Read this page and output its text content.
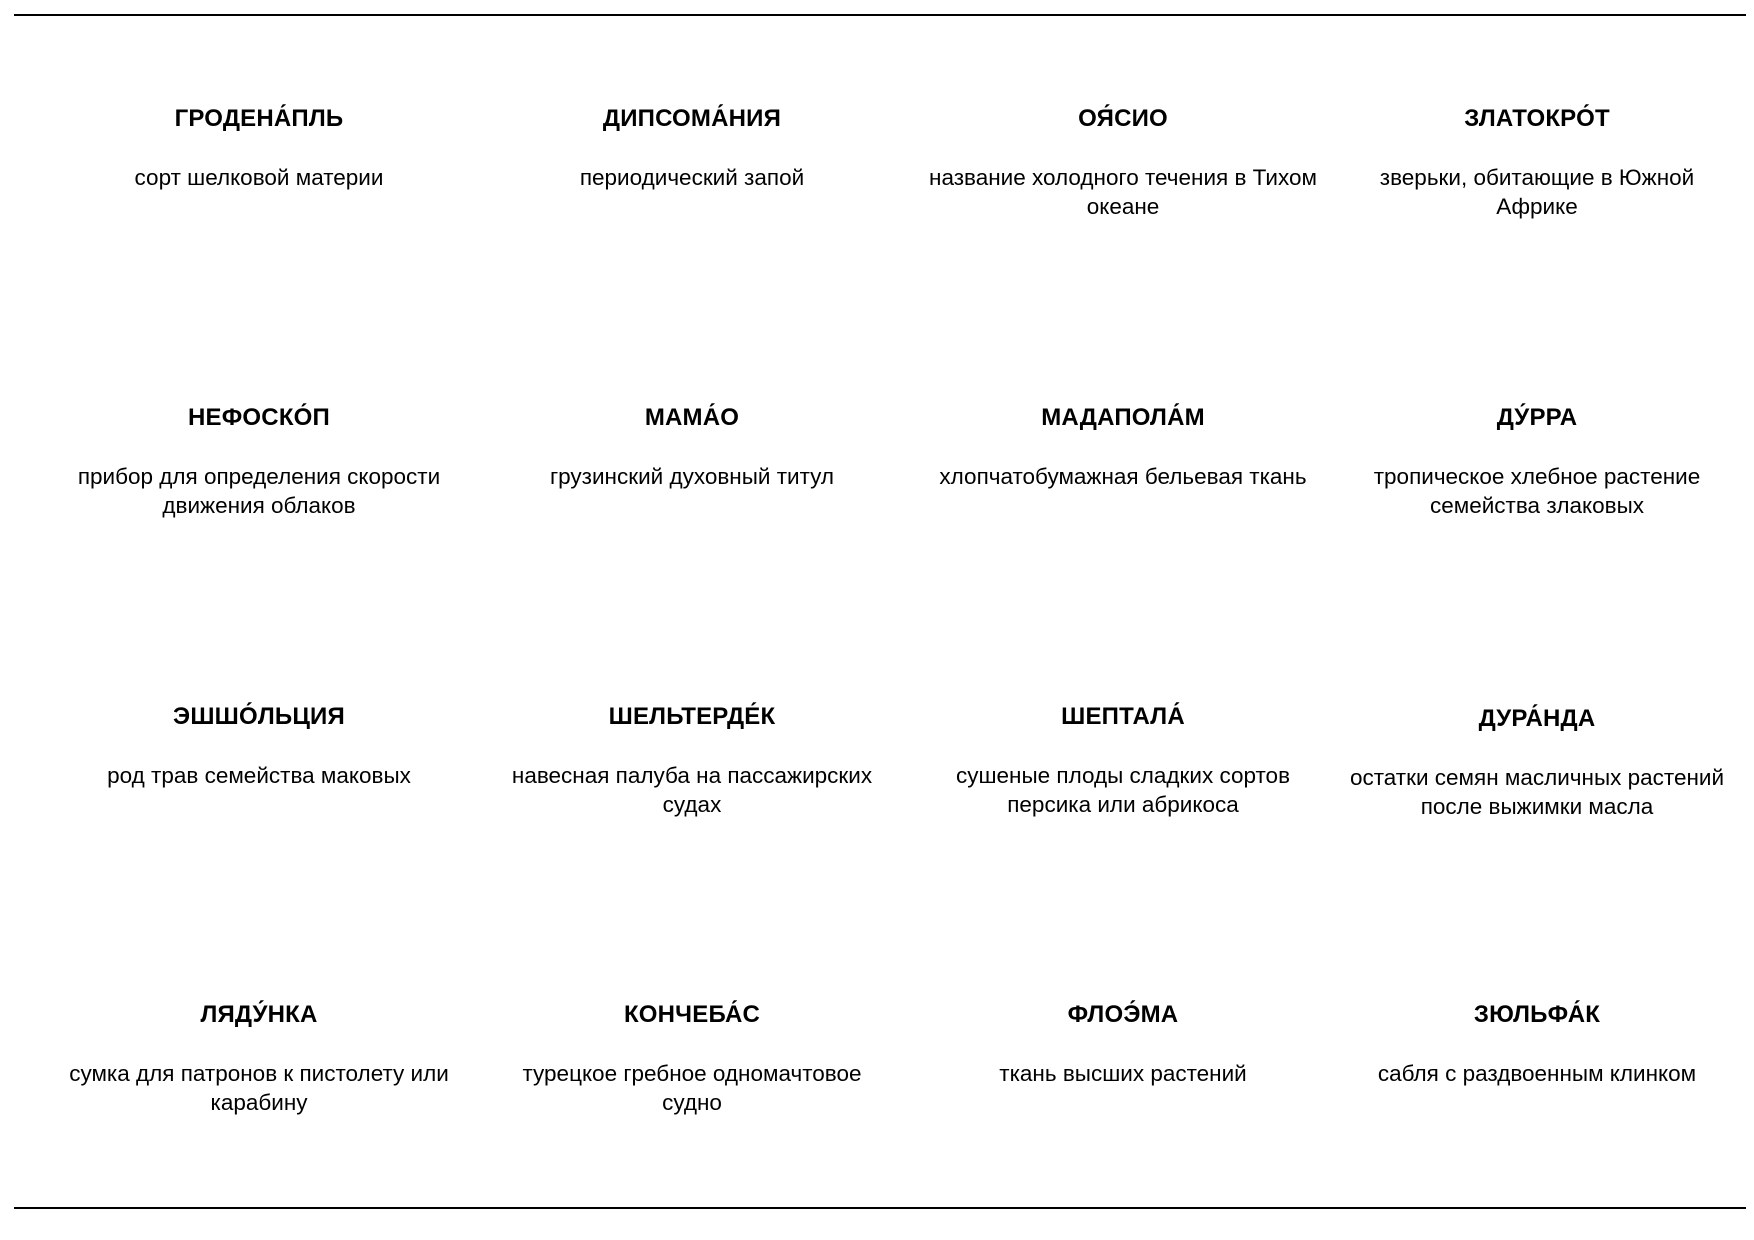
ГРОДЕНА́ПЛЬ
сорт шелковой материи
ДИПСОМА́НИЯ
периодический запой
ОЯ́СИО
название холодного течения в Тихом океане
ЗЛАТОКРО́Т
зверьки, обитающие в Южной Африке
НЕФОСКО́П
прибор для определения скорости движения облаков
МАМА́О
грузинский духовный титул
МАДАПОЛА́М
хлопчатобумажная бельевая ткань
ДУ́РРА
тропическое хлебное растение семейства злаковых
ЭШШО́ЛЬЦИЯ
род трав семейства маковых
ШЕЛЬТЕРДЕ́К
навесная палуба на пассажирских судах
ШЕПТАЛА́
сушеные плоды сладких сортов персика или абрикоса
ДУРА́НДА
остатки семян масличных растений после выжимки масла
ЛЯДУ́НКА
сумка для патронов к пистолету или карабину
КОНЧЕБА́С
турецкое гребное одномачтовое судно
ФЛОЭ́МА
ткань высших растений
ЗЮЛЬФА́К
сабля с раздвоенным клинком
